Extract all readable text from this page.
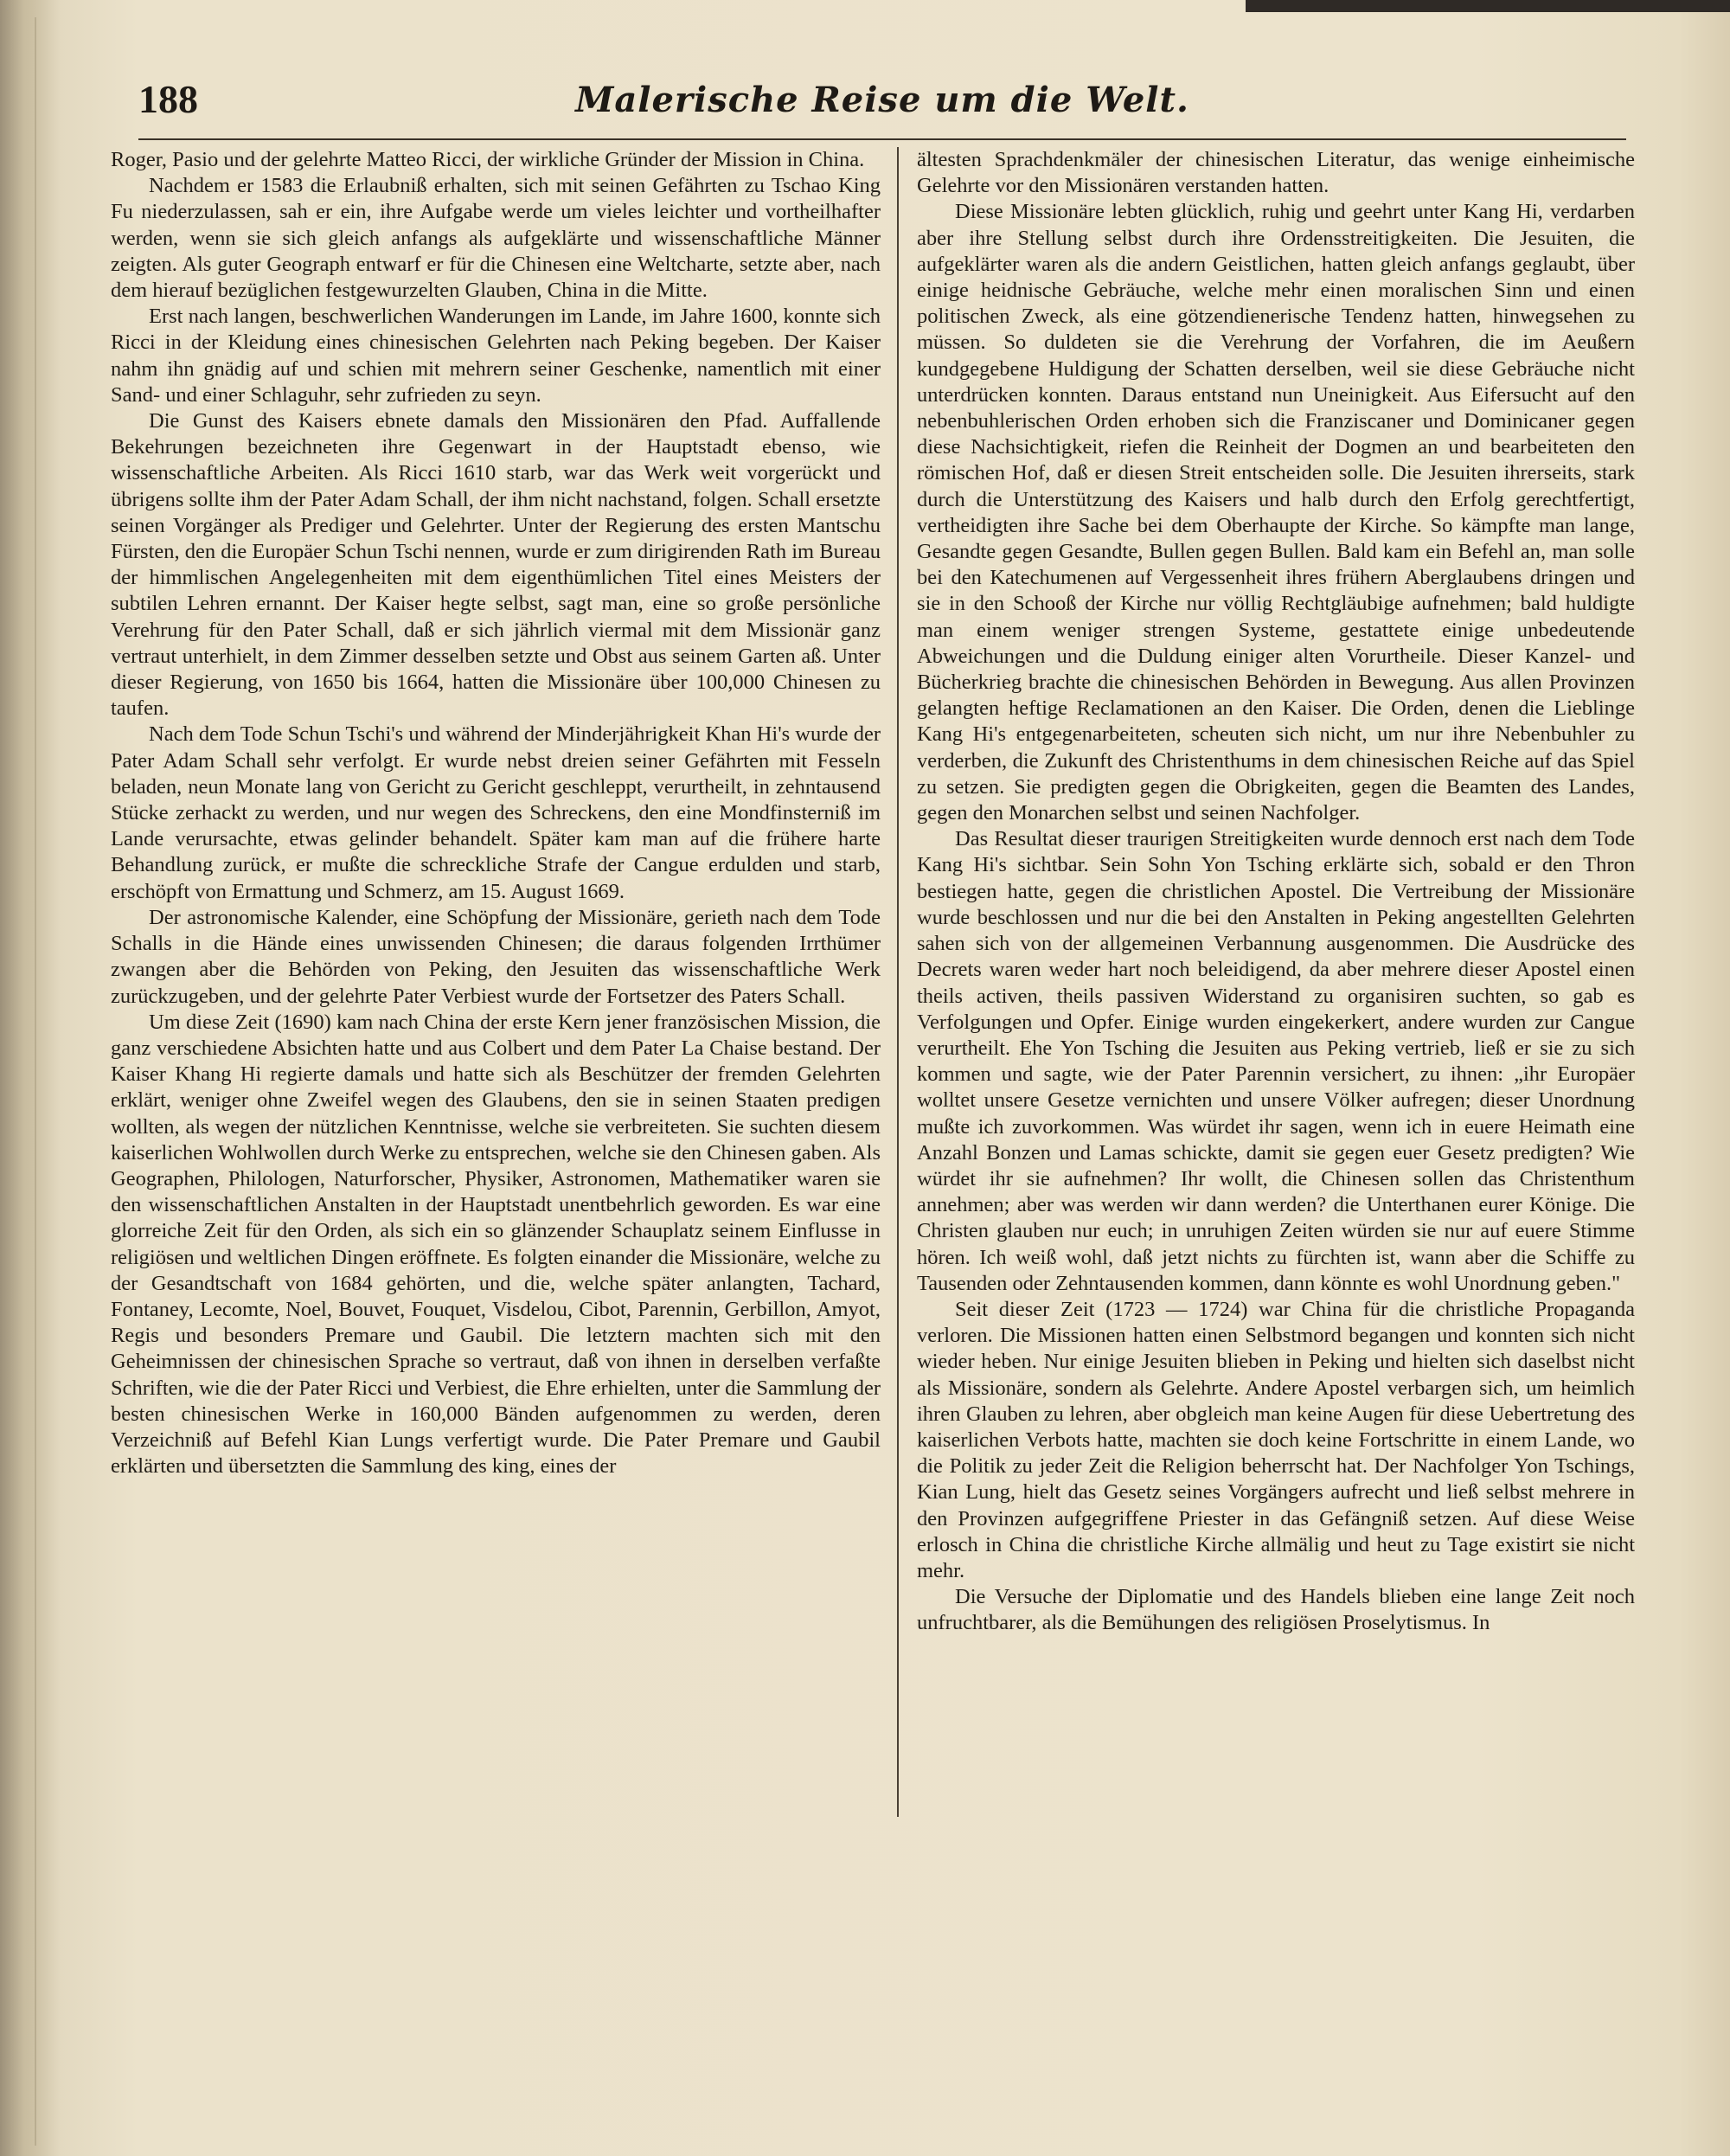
188	Malerische Reise um die Welt.

Roger, Pasio und der gelehrte Matteo Ricci, der wirkliche Gründer der Mission in China.

Nachdem er 1583 die Erlaubniß erhalten, sich mit seinen Gefährten zu Tschao King Fu niederzulassen, sah er ein, ihre Aufgabe werde um vieles leichter und vortheilhafter werden, wenn sie sich gleich anfangs als aufgeklärte und wissenschaftliche Männer zeigten. Als guter Geograph entwarf er für die Chinesen eine Weltcharte, setzte aber, nach dem hierauf bezüglichen festgewurzelten Glauben, China in die Mitte.

Erst nach langen, beschwerlichen Wanderungen im Lande, im Jahre 1600, konnte sich Ricci in der Kleidung eines chinesischen Gelehrten nach Peking begeben. Der Kaiser nahm ihn gnädig auf und schien mit mehrern seiner Geschenke, namentlich mit einer Sand- und einer Schlaguhr, sehr zufrieden zu seyn.

Die Gunst des Kaisers ebnete damals den Missionären den Pfad. Auffallende Bekehrungen bezeichneten ihre Gegenwart in der Hauptstadt ebenso, wie wissenschaftliche Arbeiten. Als Ricci 1610 starb, war das Werk weit vorgerückt und übrigens sollte ihm der Pater Adam Schall, der ihm nicht nachstand, folgen. Schall ersetzte seinen Vorgänger als Prediger und Gelehrter. Unter der Regierung des ersten Mantschu Fürsten, den die Europäer Schun Tschi nennen, wurde er zum dirigirenden Rath im Bureau der himmlischen Angelegenheiten mit dem eigenthümlichen Titel eines Meisters der subtilen Lehren ernannt. Der Kaiser hegte selbst, sagt man, eine so große persönliche Verehrung für den Pater Schall, daß er sich jährlich viermal mit dem Missionär ganz vertraut unterhielt, in dem Zimmer desselben setzte und Obst aus seinem Garten aß. Unter dieser Regierung, von 1650 bis 1664, hatten die Missionäre über 100,000 Chinesen zu taufen.

Nach dem Tode Schun Tschi's und während der Minderjährigkeit Khan Hi's wurde der Pater Adam Schall sehr verfolgt. Er wurde nebst dreien seiner Gefährten mit Fesseln beladen, neun Monate lang von Gericht zu Gericht geschleppt, verurtheilt, in zehntausend Stücke zerhackt zu werden, und nur wegen des Schreckens, den eine Mondfinsterniß im Lande verursachte, etwas gelinder behandelt. Später kam man auf die frühere harte Behandlung zurück, er mußte die schreckliche Strafe der Cangue erdulden und starb, erschöpft von Ermattung und Schmerz, am 15. August 1669.

Der astronomische Kalender, eine Schöpfung der Missionäre, gerieth nach dem Tode Schalls in die Hände eines unwissenden Chinesen; die daraus folgenden Irrthümer zwangen aber die Behörden von Peking, den Jesuiten das wissenschaftliche Werk zurückzugeben, und der gelehrte Pater Verbiest wurde der Fortsetzer des Paters Schall.

Um diese Zeit (1690) kam nach China der erste Kern jener französischen Mission, die ganz verschiedene Absichten hatte und aus Colbert und dem Pater La Chaise bestand. Der Kaiser Khang Hi regierte damals und hatte sich als Beschützer der fremden Gelehrten erklärt, weniger ohne Zweifel wegen des Glaubens, den sie in seinen Staaten predigen wollten, als wegen der nützlichen Kenntnisse, welche sie verbreiteten. Sie suchten diesem kaiserlichen Wohlwollen durch Werke zu entsprechen, welche sie den Chinesen gaben. Als Geographen, Philologen, Naturforscher, Physiker, Astronomen, Mathematiker waren sie den wissenschaftlichen Anstalten in der Hauptstadt unentbehrlich geworden. Es war eine glorreiche Zeit für den Orden, als sich ein so glänzender Schauplatz seinem Einflusse in religiösen und weltlichen Dingen eröffnete. Es folgten einander die Missionäre, welche zu der Gesandtschaft von 1684 gehörten, und die, welche später anlangten, Tachard, Fontaney, Lecomte, Noel, Bouvet, Fouquet, Visdelou, Cibot, Parennin, Gerbillon, Amyot, Regis und besonders Premare und Gaubil. Die letztern machten sich mit den Geheimnissen der chinesischen Sprache so vertraut, daß von ihnen in derselben verfaßte Schriften, wie die der Pater Ricci und Verbiest, die Ehre erhielten, unter die Sammlung der besten chinesischen Werke in 160,000 Bänden aufgenommen zu werden, deren Verzeichniß auf Befehl Kian Lungs verfertigt wurde. Die Pater Premare und Gaubil erklärten und übersetzten die Sammlung des king, eines der

ältesten Sprachdenkmäler der chinesischen Literatur, das wenige einheimische Gelehrte vor den Missionären verstanden hatten.

Diese Missionäre lebten glücklich, ruhig und geehrt unter Kang Hi, verdarben aber ihre Stellung selbst durch ihre Ordensstreitigkeiten. Die Jesuiten, die aufgeklärter waren als die andern Geistlichen, hatten gleich anfangs geglaubt, über einige heidnische Gebräuche, welche mehr einen moralischen Sinn und einen politischen Zweck, als eine götzendienerische Tendenz hatten, hinwegsehen zu müssen. So duldeten sie die Verehrung der Vorfahren, die im Aeußern kundgegebene Huldigung der Schatten derselben, weil sie diese Gebräuche nicht unterdrücken konnten. Daraus entstand nun Uneinigkeit. Aus Eifersucht auf den nebenbuhlerischen Orden erhoben sich die Franziscaner und Dominicaner gegen diese Nachsichtigkeit, riefen die Reinheit der Dogmen an und bearbeiteten den römischen Hof, daß er diesen Streit entscheiden solle. Die Jesuiten ihrerseits, stark durch die Unterstützung des Kaisers und halb durch den Erfolg gerechtfertigt, vertheidigten ihre Sache bei dem Oberhaupte der Kirche. So kämpfte man lange, Gesandte gegen Gesandte, Bullen gegen Bullen. Bald kam ein Befehl an, man solle bei den Katechumenen auf Vergessenheit ihres frühern Aberglaubens dringen und sie in den Schooß der Kirche nur völlig Rechtgläubige aufnehmen; bald huldigte man einem weniger strengen Systeme, gestattete einige unbedeutende Abweichungen und die Duldung einiger alten Vorurtheile. Dieser Kanzel- und Bücherkrieg brachte die chinesischen Behörden in Bewegung. Aus allen Provinzen gelangten heftige Reclamationen an den Kaiser. Die Orden, denen die Lieblinge Kang Hi's entgegenarbeiteten, scheuten sich nicht, um nur ihre Nebenbuhler zu verderben, die Zukunft des Christenthums in dem chinesischen Reiche auf das Spiel zu setzen. Sie predigten gegen die Obrigkeiten, gegen die Beamten des Landes, gegen den Monarchen selbst und seinen Nachfolger.

Das Resultat dieser traurigen Streitigkeiten wurde dennoch erst nach dem Tode Kang Hi's sichtbar. Sein Sohn Yon Tsching erklärte sich, sobald er den Thron bestiegen hatte, gegen die christlichen Apostel. Die Vertreibung der Missionäre wurde beschlossen und nur die bei den Anstalten in Peking angestellten Gelehrten sahen sich von der allgemeinen Verbannung ausgenommen. Die Ausdrücke des Decrets waren weder hart noch beleidigend, da aber mehrere dieser Apostel einen theils activen, theils passiven Widerstand zu organisiren suchten, so gab es Verfolgungen und Opfer. Einige wurden eingekerkert, andere wurden zur Cangue verurtheilt. Ehe Yon Tsching die Jesuiten aus Peking vertrieb, ließ er sie zu sich kommen und sagte, wie der Pater Parennin versichert, zu ihnen: „ihr Europäer wolltet unsere Gesetze vernichten und unsere Völker aufregen; dieser Unordnung mußte ich zuvorkommen. Was würdet ihr sagen, wenn ich in euere Heimath eine Anzahl Bonzen und Lamas schickte, damit sie gegen euer Gesetz predigten? Wie würdet ihr sie aufnehmen? Ihr wollt, die Chinesen sollen das Christenthum annehmen; aber was werden wir dann werden? die Unterthanen eurer Könige. Die Christen glauben nur euch; in unruhigen Zeiten würden sie nur auf euere Stimme hören. Ich weiß wohl, daß jetzt nichts zu fürchten ist, wann aber die Schiffe zu Tausenden oder Zehntausenden kommen, dann könnte es wohl Unordnung geben."

Seit dieser Zeit (1723 — 1724) war China für die christliche Propaganda verloren. Die Missionen hatten einen Selbstmord begangen und konnten sich nicht wieder heben. Nur einige Jesuiten blieben in Peking und hielten sich daselbst nicht als Missionäre, sondern als Gelehrte. Andere Apostel verbargen sich, um heimlich ihren Glauben zu lehren, aber obgleich man keine Augen für diese Uebertretung des kaiserlichen Verbots hatte, machten sie doch keine Fortschritte in einem Lande, wo die Politik zu jeder Zeit die Religion beherrscht hat. Der Nachfolger Yon Tschings, Kian Lung, hielt das Gesetz seines Vorgängers aufrecht und ließ selbst mehrere in den Provinzen aufgegriffene Priester in das Gefängniß setzen. Auf diese Weise erlosch in China die christliche Kirche allmälig und heut zu Tage existirt sie nicht mehr.

Die Versuche der Diplomatie und des Handels blieben eine lange Zeit noch unfruchtbarer, als die Bemühungen des religiösen Proselytismus. In
